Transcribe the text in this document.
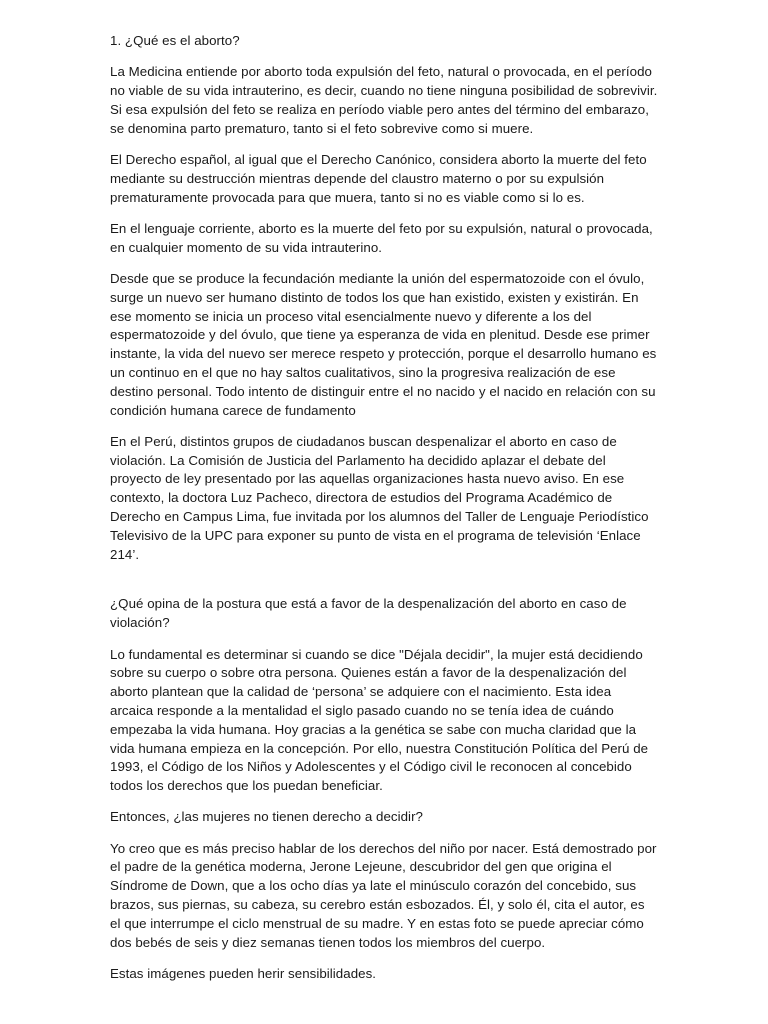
1. ¿Qué es el aborto?

La Medicina entiende por aborto toda expulsión del feto, natural o provocada, en el período no viable de su vida intrauterino, es decir, cuando no tiene ninguna posibilidad de sobrevivir. Si esa expulsión del feto se realiza en período viable pero antes del término del embarazo, se denomina parto prematuro, tanto si el feto sobrevive como si muere.

El Derecho español, al igual que el Derecho Canónico, considera aborto la muerte del feto mediante su destrucción mientras depende del claustro materno o por su expulsión prematuramente provocada para que muera, tanto si no es viable como si lo es.

En el lenguaje corriente, aborto es la muerte del feto por su expulsión, natural o provocada, en cualquier momento de su vida intrauterino.

Desde que se produce la fecundación mediante la unión del espermatozoide con el óvulo, surge un nuevo ser humano distinto de todos los que han existido, existen y existirán. En ese momento se inicia un proceso vital esencialmente nuevo y diferente a los del espermatozoide y del óvulo, que tiene ya esperanza de vida en plenitud. Desde ese primer instante, la vida del nuevo ser merece respeto y protección, porque el desarrollo humano es un continuo en el que no hay saltos cualitativos, sino la progresiva realización de ese destino personal. Todo intento de distinguir entre el no nacido y el nacido en relación con su condición humana carece de fundamento

En el Perú, distintos grupos de ciudadanos buscan despenalizar el aborto en caso de violación. La Comisión de Justicia del Parlamento ha decidido aplazar el debate del proyecto de ley presentado por las aquellas organizaciones hasta nuevo aviso. En ese contexto, la doctora Luz Pacheco, directora de estudios del Programa Académico de Derecho en Campus Lima, fue invitada por los alumnos del Taller de Lenguaje Periodístico Televisivo de la UPC para exponer su punto de vista en el programa de televisión ‘Enlace 214’.

¿Qué opina de la postura que está a favor de la despenalización del aborto en caso de violación?

Lo fundamental es determinar si cuando se dice "Déjala decidir", la mujer está decidiendo sobre su cuerpo o sobre otra persona. Quienes están a favor de la despenalización del aborto plantean que la calidad de ‘persona’ se adquiere con el nacimiento. Esta idea arcaica responde a la mentalidad el siglo pasado cuando no se tenía idea de cuándo empezaba la vida humana. Hoy gracias a la genética se sabe con mucha claridad que la vida humana empieza en la concepción. Por ello, nuestra Constitución Política del Perú de 1993, el Código de los Niños y Adolescentes y el Código civil le reconocen al concebido todos los derechos que los puedan beneficiar.

Entonces, ¿las mujeres no tienen derecho a decidir?

Yo creo que es más preciso hablar de los derechos del niño por nacer. Está demostrado por el padre de la genética moderna, Jerone Lejeune, descubridor del gen que origina el Síndrome de Down, que a los ocho días ya late el minúsculo corazón del concebido, sus brazos, sus piernas, su cabeza, su cerebro están esbozados. Él, y solo él, cita el autor, es el que interrumpe el ciclo menstrual de su madre. Y en estas foto se puede apreciar cómo dos bebés de seis y diez semanas tienen todos los miembros del cuerpo.

Estas imágenes pueden herir sensibilidades.
